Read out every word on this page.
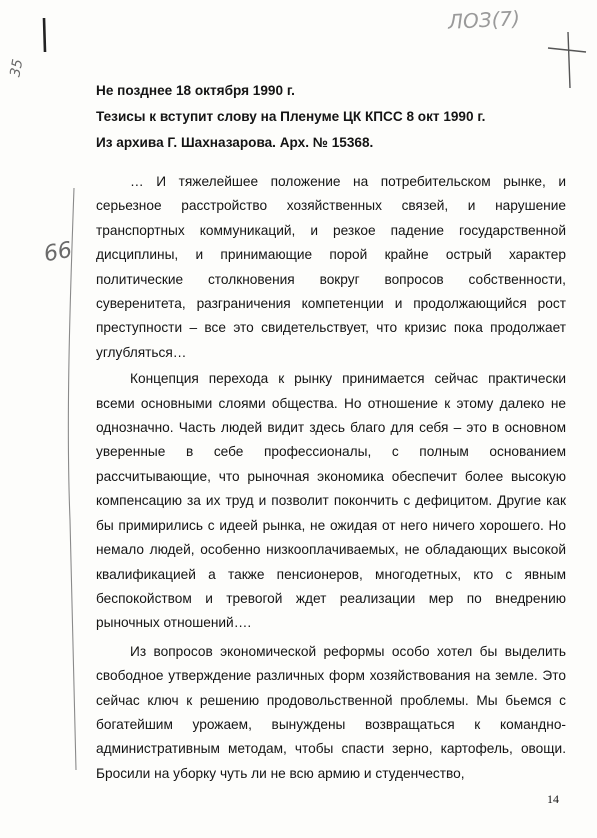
ЛОЗ(7)
35
66
Не позднее 18 октября 1990 г.
Тезисы к вступит слову на Пленуме ЦК КПСС 8 окт 1990 г.
Из архива Г. Шахназарова. Арх. № 15368.

… И тяжелейшее положение на потребительском рынке, и серьезное расстройство хозяйственных связей, и нарушение транспортных коммуникаций, и резкое падение государственной дисциплины, и принимающие порой крайне острый характер политические столкновения вокруг вопросов собственности, суверенитета, разграничения компетенции и продолжающийся рост преступности – все это свидетельствует, что кризис пока продолжает углубляться…

Концепция перехода к рынку принимается сейчас практически всеми основными слоями общества. Но отношение к этому далеко не однозначно. Часть людей видит здесь благо для себя – это в основном уверенные в себе профессионалы, с полным основанием рассчитывающие, что рыночная экономика обеспечит более высокую компенсацию за их труд и позволит покончить с дефицитом. Другие как бы примирились с идеей рынка, не ожидая от него ничего хорошего. Но немало людей, особенно низкооплачиваемых, не обладающих высокой квалификацией а также пенсионеров, многодетных, кто с явным беспокойством и тревогой ждет реализации мер по внедрению рыночных отношений….

Из вопросов экономической реформы особо хотел бы выделить свободное утверждение различных форм хозяйствования на земле. Это сейчас ключ к решению продовольственной проблемы. Мы бьемся с богатейшим урожаем, вынуждены возвращаться к командно-административным методам, чтобы спасти зерно, картофель, овощи. Бросили на уборку чуть ли не всю армию и студенчество,

14
